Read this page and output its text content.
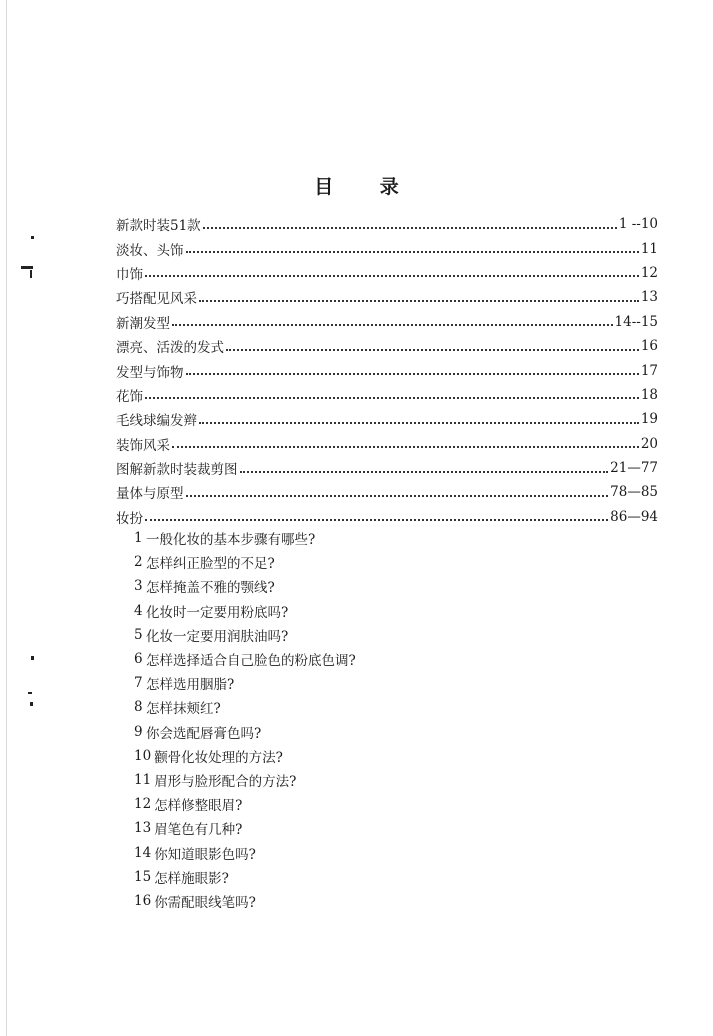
目 录
新款时装51款	1 --10
淡妆、头饰	11
巾饰	12
巧搭配见风采	13
新潮发型	14--15
漂亮、活泼的发式	16
发型与饰物	17
花饰	18
毛线球编发辫	19
装饰风采	20
图解新款时装裁剪图	21—77
量体与原型	78—85
妆扮	86—94
1 一般化妆的基本步骤有哪些?
2 怎样纠正脸型的不足?
3 怎样掩盖不雅的颚线?
4 化妆时一定要用粉底吗?
5 化妆一定要用润肤油吗?
6 怎样选择适合自己脸色的粉底色调?
7 怎样选用胭脂?
8 怎样抹颊红?
9 你会选配唇膏色吗?
10 颧骨化妆处理的方法?
11 眉形与脸形配合的方法?
12 怎样修整眼眉?
13 眉笔色有几种?
14 你知道眼影色吗?
15 怎样施眼影?
16 你需配眼线笔吗?
